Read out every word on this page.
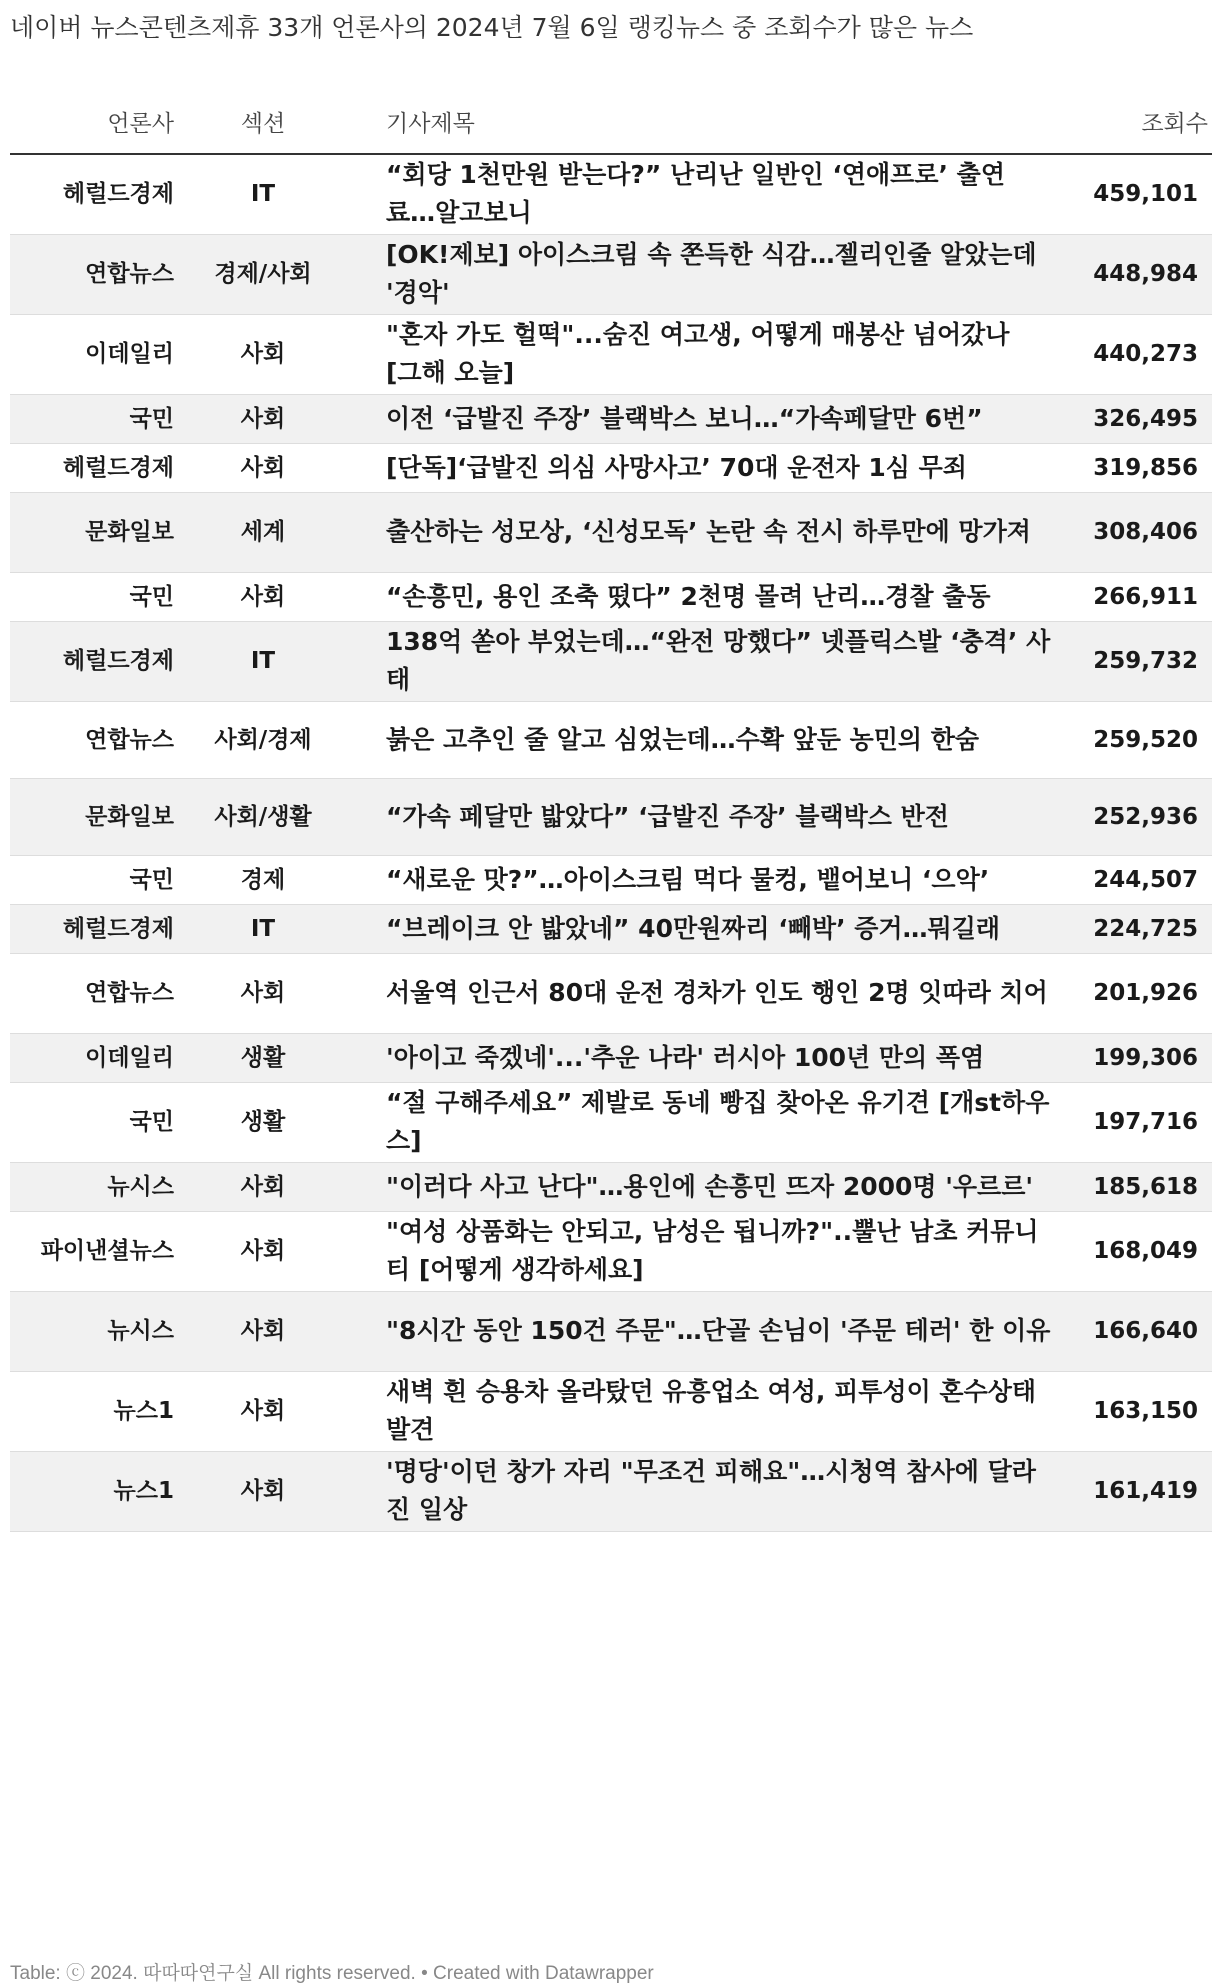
네이버 뉴스콘텐츠제휴 33개 언론사의 2024년 7월 6일 랭킹뉴스 중 조회수가 많은 뉴스
언론사	섹션	기사제목	조회수
헤럴드경제	IT	“회당 1천만원 받는다?” 난리난 일반인 ‘연애프로’ 출연료…알고보니	459,101
연합뉴스	경제/사회	[OK!제보] 아이스크림 속 쫀득한 식감…젤리인줄 알았는데 '경악'	448,984
이데일리	사회	"혼자 가도 헐떡"...숨진 여고생, 어떻게 매봉산 넘어갔나 [그해 오늘]	440,273
국민	사회	이전 ‘급발진 주장’ 블랙박스 보니…“가속페달만 6번”	326,495
헤럴드경제	사회	[단독]‘급발진 의심 사망사고’ 70대 운전자 1심 무죄	319,856
문화일보	세계	출산하는 성모상, ‘신성모독’ 논란 속 전시 하루만에 망가져	308,406
국민	사회	“손흥민, 용인 조축 떴다” 2천명 몰려 난리…경찰 출동	266,911
헤럴드경제	IT	138억 쏟아 부었는데…“완전 망했다” 넷플릭스발 ‘충격’ 사태	259,732
연합뉴스	사회/경제	붉은 고추인 줄 알고 심었는데…수확 앞둔 농민의 한숨	259,520
문화일보	사회/생활	“가속 페달만 밟았다” ‘급발진 주장’ 블랙박스 반전	252,936
국민	경제	“새로운 맛?”…아이스크림 먹다 물컹, 뱉어보니 ‘으악’	244,507
헤럴드경제	IT	“브레이크 안 밟았네” 40만원짜리 ‘빼박’ 증거…뭐길래	224,725
연합뉴스	사회	서울역 인근서 80대 운전 경차가 인도 행인 2명 잇따라 치어	201,926
이데일리	생활	'아이고 죽겠네'...'추운 나라' 러시아 100년 만의 폭염	199,306
국민	생활	“절 구해주세요” 제발로 동네 빵집 찾아온 유기견 [개st하우스]	197,716
뉴시스	사회	"이러다 사고 난다"…용인에 손흥민 뜨자 2000명 '우르르'	185,618
파이낸셜뉴스	사회	"여성 상품화는 안되고, 남성은 됩니까?"..뿔난 남초 커뮤니티 [어떻게 생각하세요]	168,049
뉴시스	사회	"8시간 동안 150건 주문"…단골 손님이 '주문 테러' 한 이유	166,640
뉴스1	사회	새벽 흰 승용차 올라탔던 유흥업소 여성, 피투성이 혼수상태 발견	163,150
뉴스1	사회	'명당'이던 창가 자리 "무조건 피해요"…시청역 참사에 달라진 일상	161,419
Table: ⓒ 2024. 따따따연구실 All rights reserved. • Created with Datawrapper
